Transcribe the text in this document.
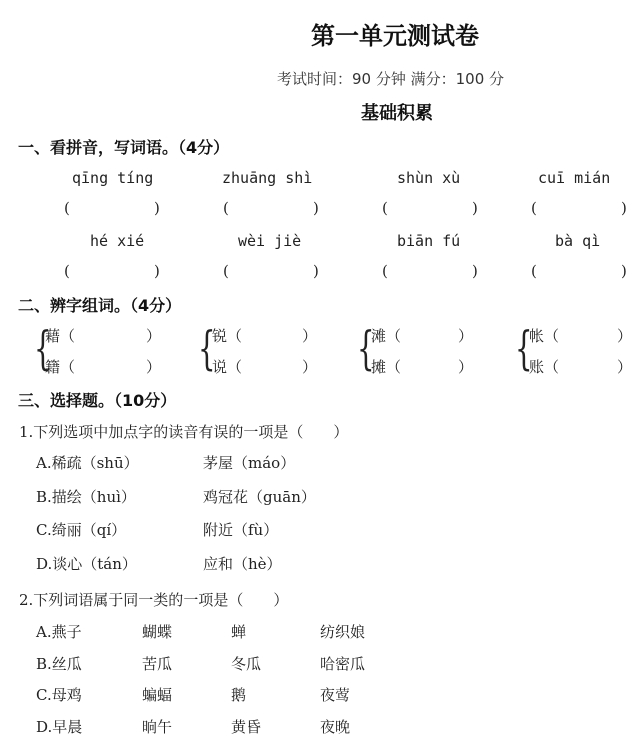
第一单元测试卷
考试时间：90 分钟 满分：100 分
基础积累
一、看拼音，写词语。（4分）
qīng tíng	zhuāng shì	shùn xù	cuī mián
(	)	(	)	(	)	(	)
hé xié	wèi jiè	biān fú	bà qì
(	)	(	)	(	)	(	)
二、辨字组词。（4分）
{
藉（	）
籍（	） {
锐（	）
说（	） {
滩（	）
摊（	） {
帐（	）
账（	）
三、选择题。（10分）
1.下列选项中加点字的读音有误的一项是（　　）
A.稀疏（shū）	茅屋（máo）
B.描绘（huì）	鸡冠花（guān）
C.绮丽（qí）	附近（fù）
D.谈心（tán）	应和（hè）
2.下列词语属于同一类的一项是（　　）
A.燕子	蝴蝶	蝉	纺织娘
B.丝瓜	苦瓜	冬瓜	哈密瓜
C.母鸡	蝙蝠	鹅	夜莺
D.早晨	晌午	黄昏	夜晚
